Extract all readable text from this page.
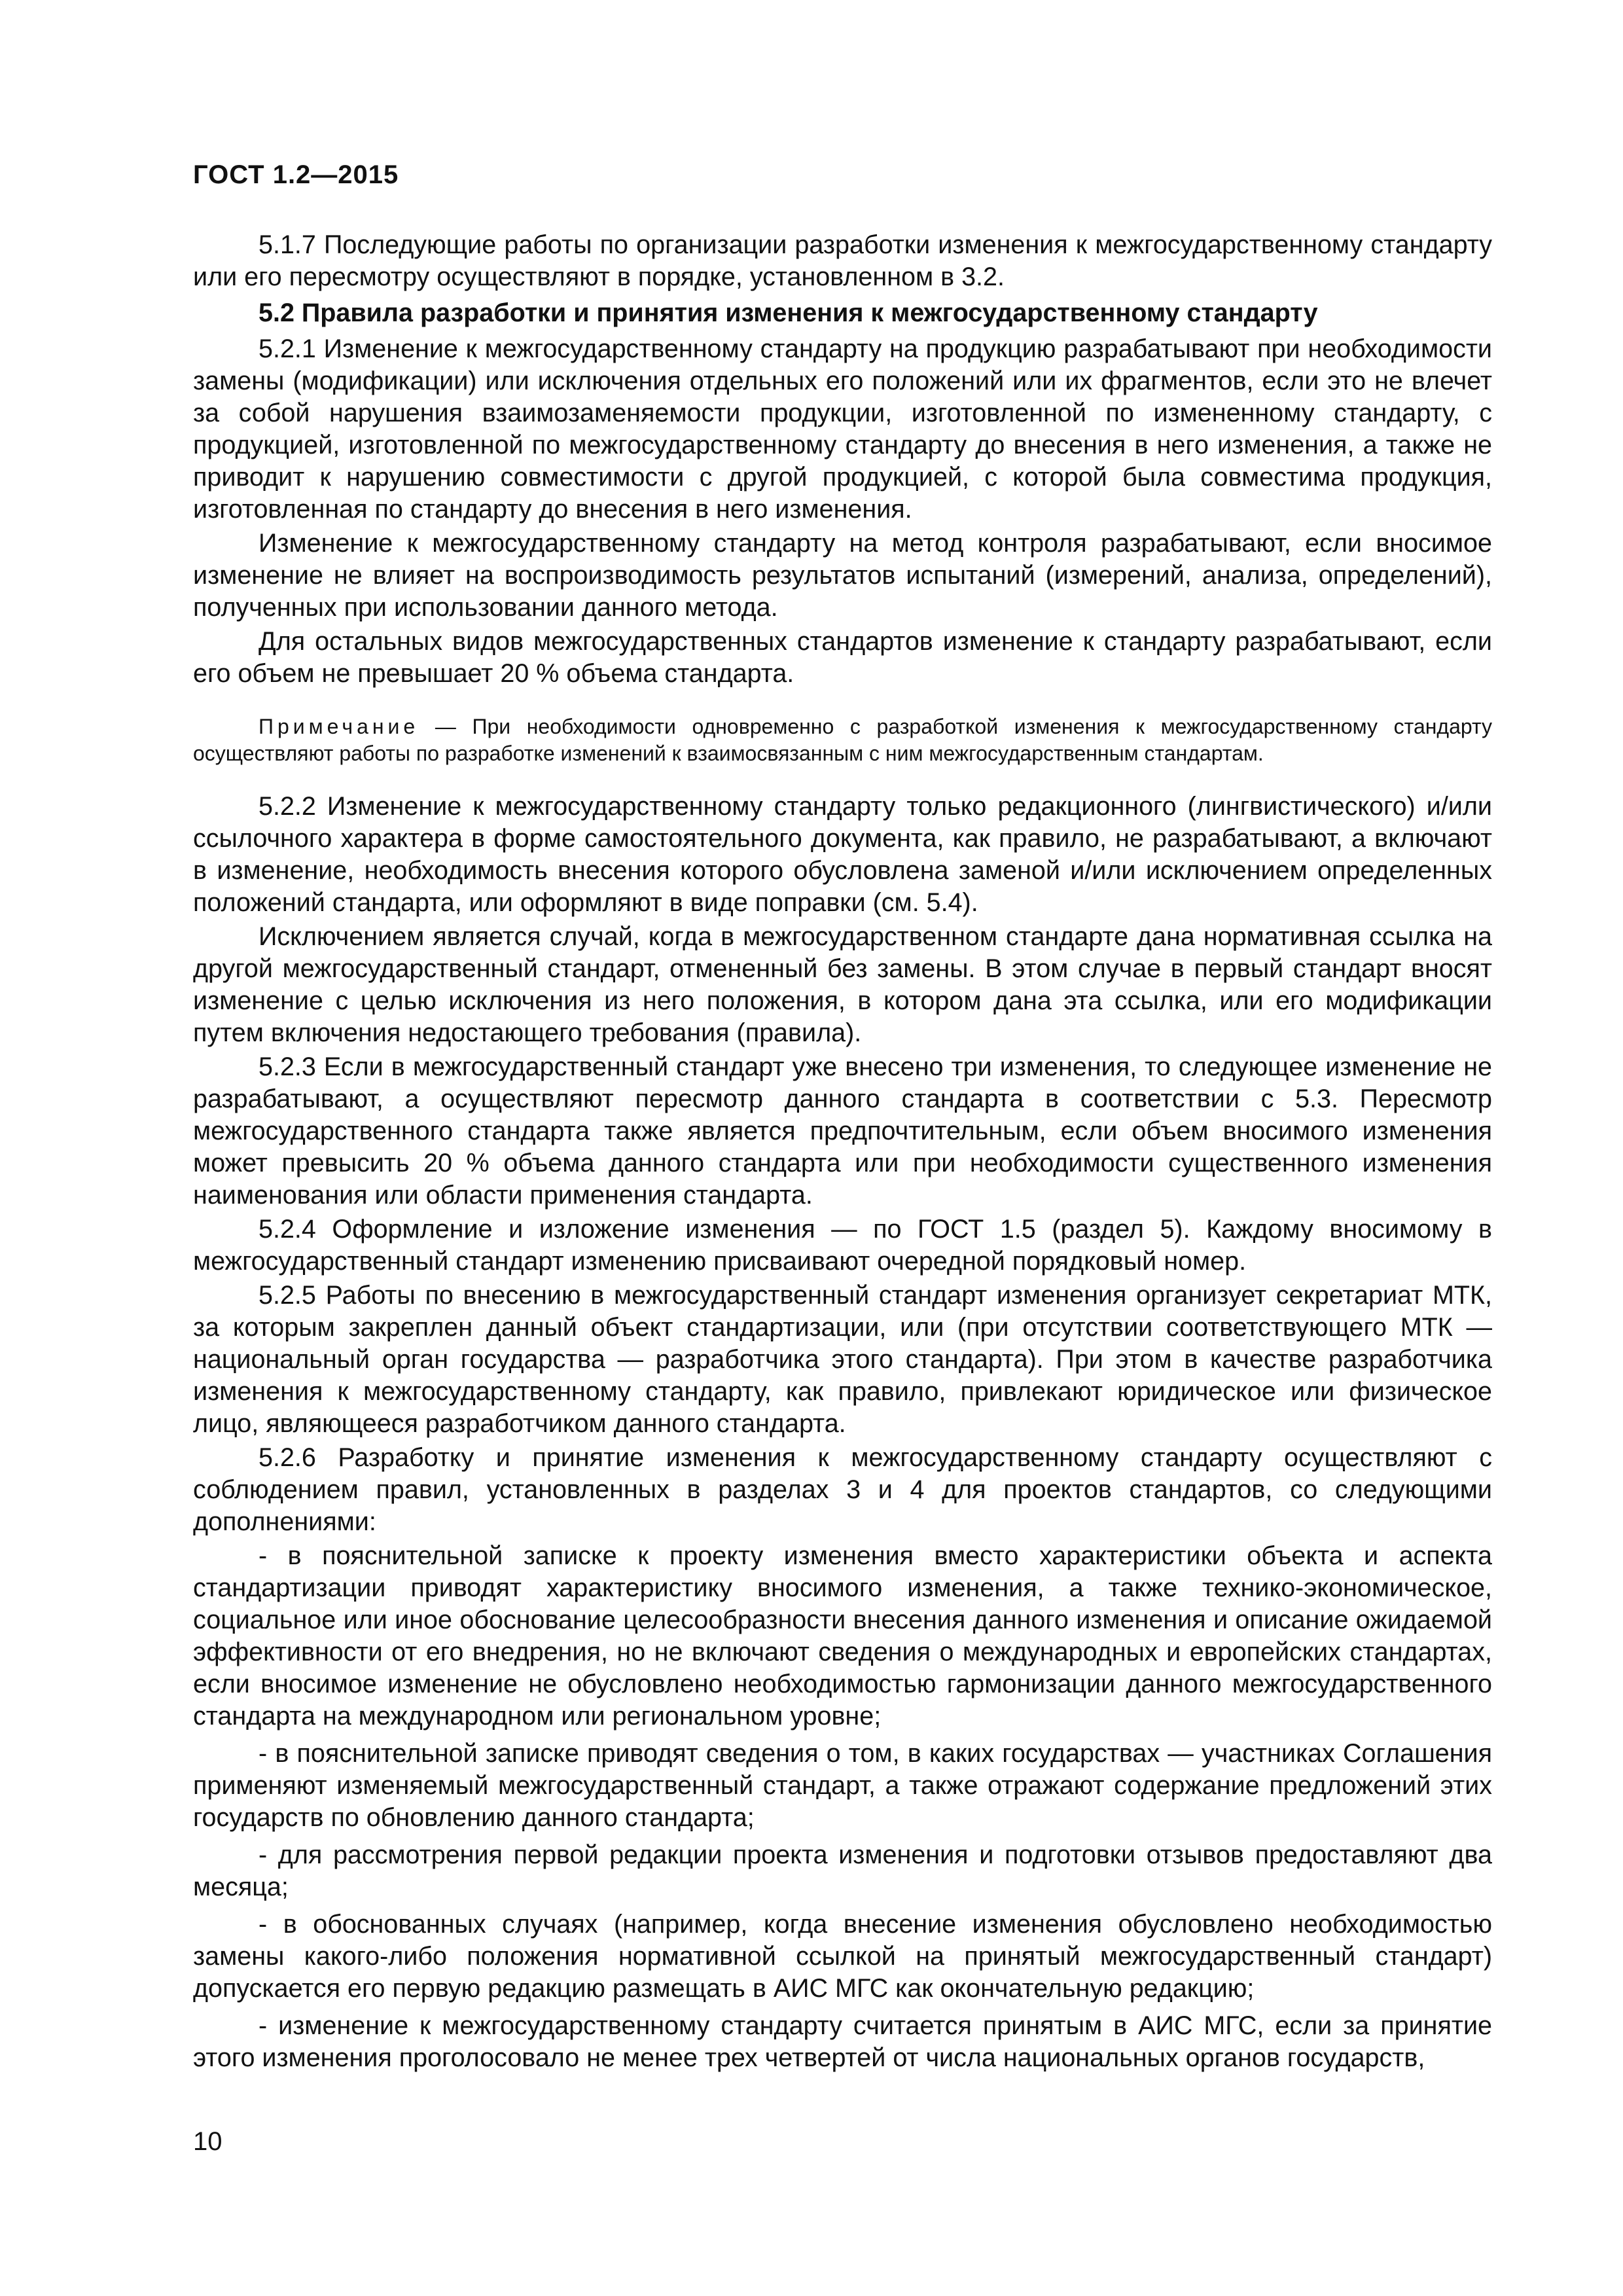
ГОСТ 1.2—2015

5.1.7 Последующие работы по организации разработки изменения к межгосударственному стандарту или его пересмотру осуществляют в порядке, установленном в 3.2.

5.2 Правила разработки и принятия изменения к межгосударственному стандарту

5.2.1 Изменение к межгосударственному стандарту на продукцию разрабатывают при необходимости замены (модификации) или исключения отдельных его положений или их фрагментов, если это не влечет за собой нарушения взаимозаменяемости продукции, изготовленной по измененному стандарту, с продукцией, изготовленной по межгосударственному стандарту до внесения в него изменения, а также не приводит к нарушению совместимости с другой продукцией, с которой была совместима продукция, изготовленная по стандарту до внесения в него изменения.

Изменение к межгосударственному стандарту на метод контроля разрабатывают, если вносимое изменение не влияет на воспроизводимость результатов испытаний (измерений, анализа, определений), полученных при использовании данного метода.

Для остальных видов межгосударственных стандартов изменение к стандарту разрабатывают, если его объем не превышает 20 % объема стандарта.

Примечание — При необходимости одновременно с разработкой изменения к межгосударственному стандарту осуществляют работы по разработке изменений к взаимосвязанным с ним межгосударственным стандартам.

5.2.2 Изменение к межгосударственному стандарту только редакционного (лингвистического) и/или ссылочного характера в форме самостоятельного документа, как правило, не разрабатывают, а включают в изменение, необходимость внесения которого обусловлена заменой и/или исключением определенных положений стандарта, или оформляют в виде поправки (см. 5.4).

Исключением является случай, когда в межгосударственном стандарте дана нормативная ссылка на другой межгосударственный стандарт, отмененный без замены. В этом случае в первый стандарт вносят изменение с целью исключения из него положения, в котором дана эта ссылка, или его модификации путем включения недостающего требования (правила).

5.2.3 Если в межгосударственный стандарт уже внесено три изменения, то следующее изменение не разрабатывают, а осуществляют пересмотр данного стандарта в соответствии с 5.3. Пересмотр межгосударственного стандарта также является предпочтительным, если объем вносимого изменения может превысить 20 % объема данного стандарта или при необходимости существенного изменения наименования или области применения стандарта.

5.2.4 Оформление и изложение изменения — по ГОСТ 1.5 (раздел 5). Каждому вносимому в межгосударственный стандарт изменению присваивают очередной порядковый номер.

5.2.5 Работы по внесению в межгосударственный стандарт изменения организует секретариат МТК, за которым закреплен данный объект стандартизации, или (при отсутствии соответствующего МТК — национальный орган государства — разработчика этого стандарта). При этом в качестве разработчика изменения к межгосударственному стандарту, как правило, привлекают юридическое или физическое лицо, являющееся разработчиком данного стандарта.

5.2.6 Разработку и принятие изменения к межгосударственному стандарту осуществляют с соблюдением правил, установленных в разделах 3 и 4 для проектов стандартов, со следующими дополнениями:

- в пояснительной записке к проекту изменения вместо характеристики объекта и аспекта стандартизации приводят характеристику вносимого изменения, а также технико-экономическое, социальное или иное обоснование целесообразности внесения данного изменения и описание ожидаемой эффективности от его внедрения, но не включают сведения о международных и европейских стандартах, если вносимое изменение не обусловлено необходимостью гармонизации данного межгосударственного стандарта на международном или региональном уровне;

- в пояснительной записке приводят сведения о том, в каких государствах — участниках Соглашения применяют изменяемый межгосударственный стандарт, а также отражают содержание предложений этих государств по обновлению данного стандарта;

- для рассмотрения первой редакции проекта изменения и подготовки отзывов предоставляют два месяца;

- в обоснованных случаях (например, когда внесение изменения обусловлено необходимостью замены какого-либо положения нормативной ссылкой на принятый межгосударственный стандарт) допускается его первую редакцию размещать в АИС МГС как окончательную редакцию;

- изменение к межгосударственному стандарту считается принятым в АИС МГС, если за принятие этого изменения проголосовало не менее трех четвертей от числа национальных органов государств,

10
